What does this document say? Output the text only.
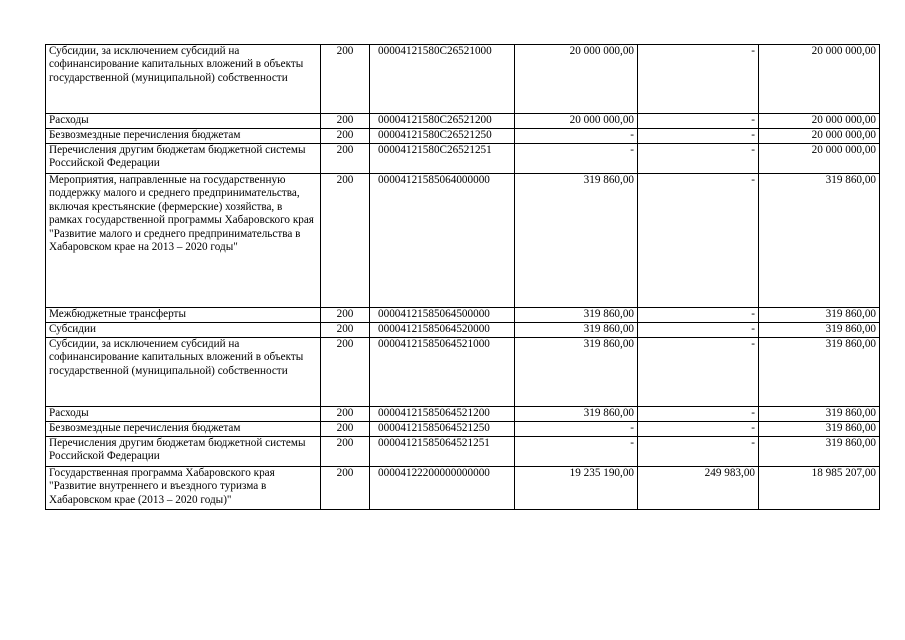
Субсидии, за исключением субсидий на софинансирование капитальных вложений в объекты государственной (муниципальной) собственности	200	00004121580C26521000	20 000 000,00	-	20 000 000,00
Расходы	200	00004121580C26521200	20 000 000,00	-	20 000 000,00
Безвозмездные перечисления бюджетам	200	00004121580C26521250	-	-	20 000 000,00
Перечисления другим бюджетам бюджетной системы Российской Федерации	200	00004121580C26521251	-	-	20 000 000,00
Мероприятия, направленные на государственную поддержку малого и среднего предпринимательства, включая крестьянские (фермерские) хозяйства, в рамках государственной программы Хабаровского края "Развитие малого и среднего предпринимательства в Хабаровском крае на 2013 – 2020 годы"	200	00004121585064000000	319 860,00	-	319 860,00
Межбюджетные трансферты	200	00004121585064500000	319 860,00	-	319 860,00
Субсидии	200	00004121585064520000	319 860,00	-	319 860,00
Субсидии, за исключением субсидий на софинансирование капитальных вложений в объекты государственной (муниципальной) собственности	200	00004121585064521000	319 860,00	-	319 860,00
Расходы	200	00004121585064521200	319 860,00	-	319 860,00
Безвозмездные перечисления бюджетам	200	00004121585064521250	-	-	319 860,00
Перечисления другим бюджетам бюджетной системы Российской Федерации	200	00004121585064521251	-	-	319 860,00
Государственная программа Хабаровского края "Развитие внутреннего и въездного туризма в Хабаровском крае (2013 – 2020 годы)"	200	00004122200000000000	19 235 190,00	249 983,00	18 985 207,00
